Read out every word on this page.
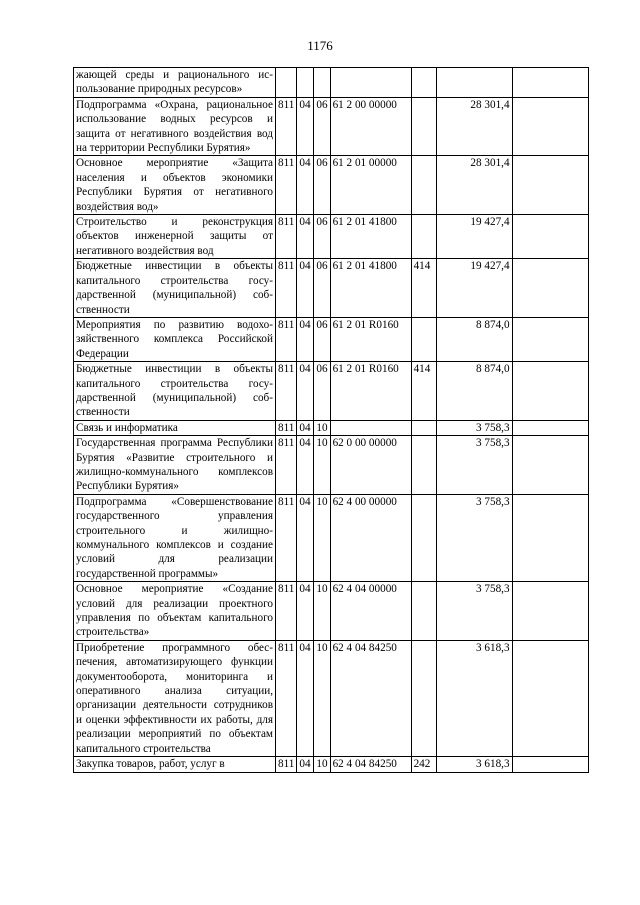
1176
жающей среды и рационального использование природных ресурсов»							
Подпрограмма «Охрана, рациональное использование водных ресурсов и защита от негативного воздействия вод на территории Республики Бурятия»	811	04	06	61 2 00 00000		28 301,4	
Основное мероприятие «Защита населения и объектов экономики Республики Бурятия от негативного воздействия вод»	811	04	06	61 2 01 00000		28 301,4	
Строительство и реконструкция объектов инженерной защиты от негативного воздействия вод	811	04	06	61 2 01 41800		19 427,4	
Бюджетные инвестиции в объекты капитального строительства государственной (муниципальной) собственности	811	04	06	61 2 01 41800	414	19 427,4	
Мероприятия по развитию водохозяйственного комплекса Российской Федерации	811	04	06	61 2 01 R0160		8 874,0	
Бюджетные инвестиции в объекты капитального строительства государственной (муниципальной) собственности	811	04	06	61 2 01 R0160	414	8 874,0	
Связь и информатика	811	04	10			3 758,3	
Государственная программа Республики Бурятия «Развитие строительного и жилищно-коммунального комплексов Республики Бурятия»	811	04	10	62 0 00 00000		3 758,3	
Подпрограмма «Совершенствование государственного управления строительного и жилищно-коммунального комплексов и создание условий для реализации государственной программы»	811	04	10	62 4 00 00000		3 758,3	
Основное мероприятие «Создание условий для реализации проектного управления по объектам капитального строительства»	811	04	10	62 4 04 00000		3 758,3	
Приобретение программного обеспечения, автоматизирующего функции документооборота, мониторинга и оперативного анализа ситуации, организации деятельности сотрудников и оценки эффективности их работы, для реализации мероприятий по объектам капитального строительства	811	04	10	62 4 04 84250		3 618,3	
Закупка товаров, работ, услуг в	811	04	10	62 4 04 84250	242	3 618,3	
